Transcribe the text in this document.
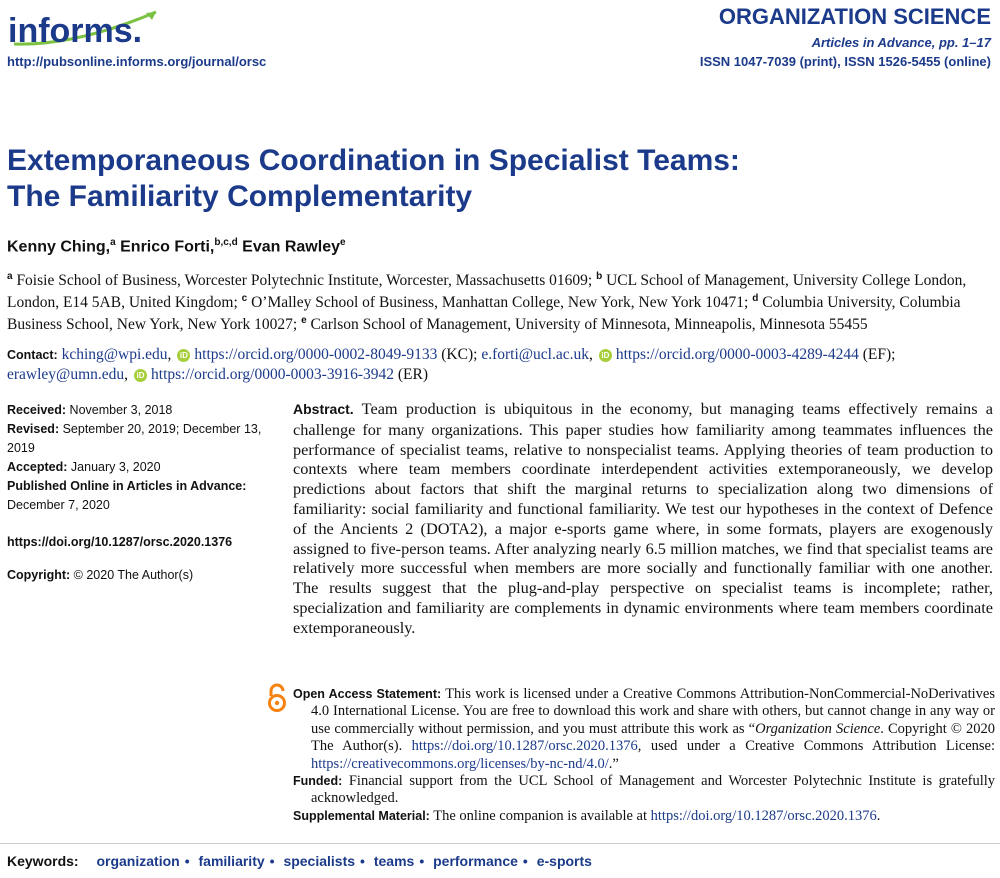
informs.
http://pubsonline.informs.org/journal/orsc
ORGANIZATION SCIENCE
Articles in Advance, pp. 1–17
ISSN 1047-7039 (print), ISSN 1526-5455 (online)
Extemporaneous Coordination in Specialist Teams:
The Familiarity Complementarity
Kenny Ching,$^a$ Enrico Forti,$^{b,c,d}$ Evan Rawley$^e$
$^a$ Foisie School of Business, Worcester Polytechnic Institute, Worcester, Massachusetts 01609; $^b$ UCL School of Management, University College London, London, E14 5AB, United Kingdom; $^c$ O’Malley School of Business, Manhattan College, New York, New York 10471; $^d$ Columbia University, Columbia Business School, New York, New York 10027; $^e$ Carlson School of Management, University of Minnesota, Minneapolis, Minnesota 55455
Contact: kching@wpi.edu, iD https://orcid.org/0000-0002-8049-9133 (KC); e.forti@ucl.ac.uk, iD https://orcid.org/0000-0003-4289-4244 (EF); erawley@umn.edu, iD https://orcid.org/0000-0003-3916-3942 (ER)

Received: November 3, 2018

Revised: September 20, 2019; December 13, 2019

Accepted: January 3, 2020

Published Online in Articles in Advance:
December 7, 2020

https://doi.org/10.1287/orsc.2020.1376

Copyright: © 2020 The Author(s)

Abstract. Team production is ubiquitous in the economy, but managing teams effectively remains a challenge for many organizations. This paper studies how familiarity among teammates influences the performance of specialist teams, relative to nonspecialist teams. Applying theories of team production to contexts where team members coordinate interdependent activities extemporaneously, we develop predictions about factors that shift the marginal returns to specialization along two dimensions of familiarity: social familiarity and functional familiarity. We test our hypotheses in the context of Defence of the Ancients 2 (DOTA2), a major e-sports game where, in some formats, players are exogenously assigned to five-person teams. After analyzing nearly 6.5 million matches, we find that specialist teams are relatively more successful when members are more socially and functionally familiar with one another. The results suggest that the plug-and-play perspective on specialist teams is incomplete; rather, specialization and familiarity are complements in dynamic environments where team members coordinate extemporaneously.

Open Access Statement: This work is licensed under a Creative Commons Attribution-NonCommercial-NoDerivatives 4.0 International License. You are free to download this work and share with others, but cannot change in any way or use commercially without permission, and you must attribute this work as “Organization Science. Copyright © 2020 The Author(s). https://doi.org/10.1287/orsc.2020.1376, used under a Creative Commons Attribution License: https://creativecommons.org/licenses/by-nc-nd/4.0/.”

Funded: Financial support from the UCL School of Management and Worcester Polytechnic Institute is gratefully acknowledged.

Supplemental Material: The online companion is available at https://doi.org/10.1287/orsc.2020.1376.

Keywords: organization • familiarity • specialists • teams • performance • e-sports
